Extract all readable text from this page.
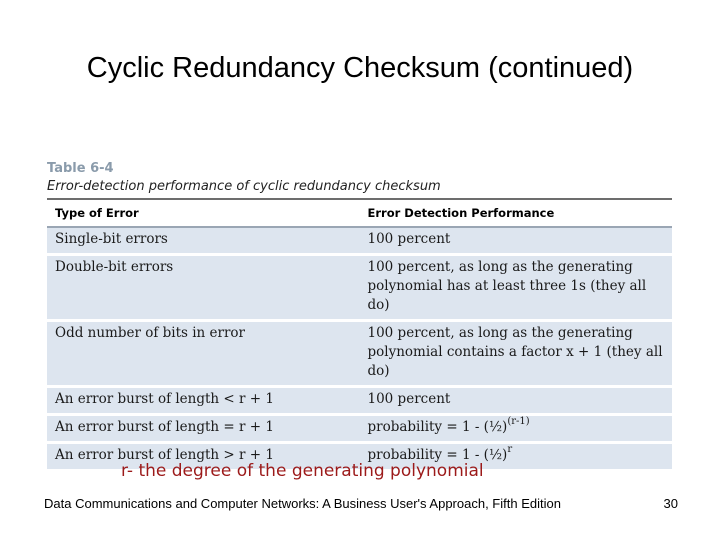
Cyclic Redundancy Checksum (continued)
Table 6-4
Error-detection performance of cyclic redundancy checksum
Type of Error	Error Detection Performance
Single-bit errors	100 percent
Double-bit errors	100 percent, as long as the generating polynomial has at least three 1s (they all do)
Odd number of bits in error	100 percent, as long as the generating polynomial contains a factor x + 1 (they all do)
An error burst of length < r + 1	100 percent
An error burst of length = r + 1	probability = 1 - (½)$^{(r-1)}$
An error burst of length > r + 1	probability = 1 - (½)$^r$
r- the degree of the generating polynomial
Data Communications and Computer Networks: A Business User's Approach, Fifth Edition	30
